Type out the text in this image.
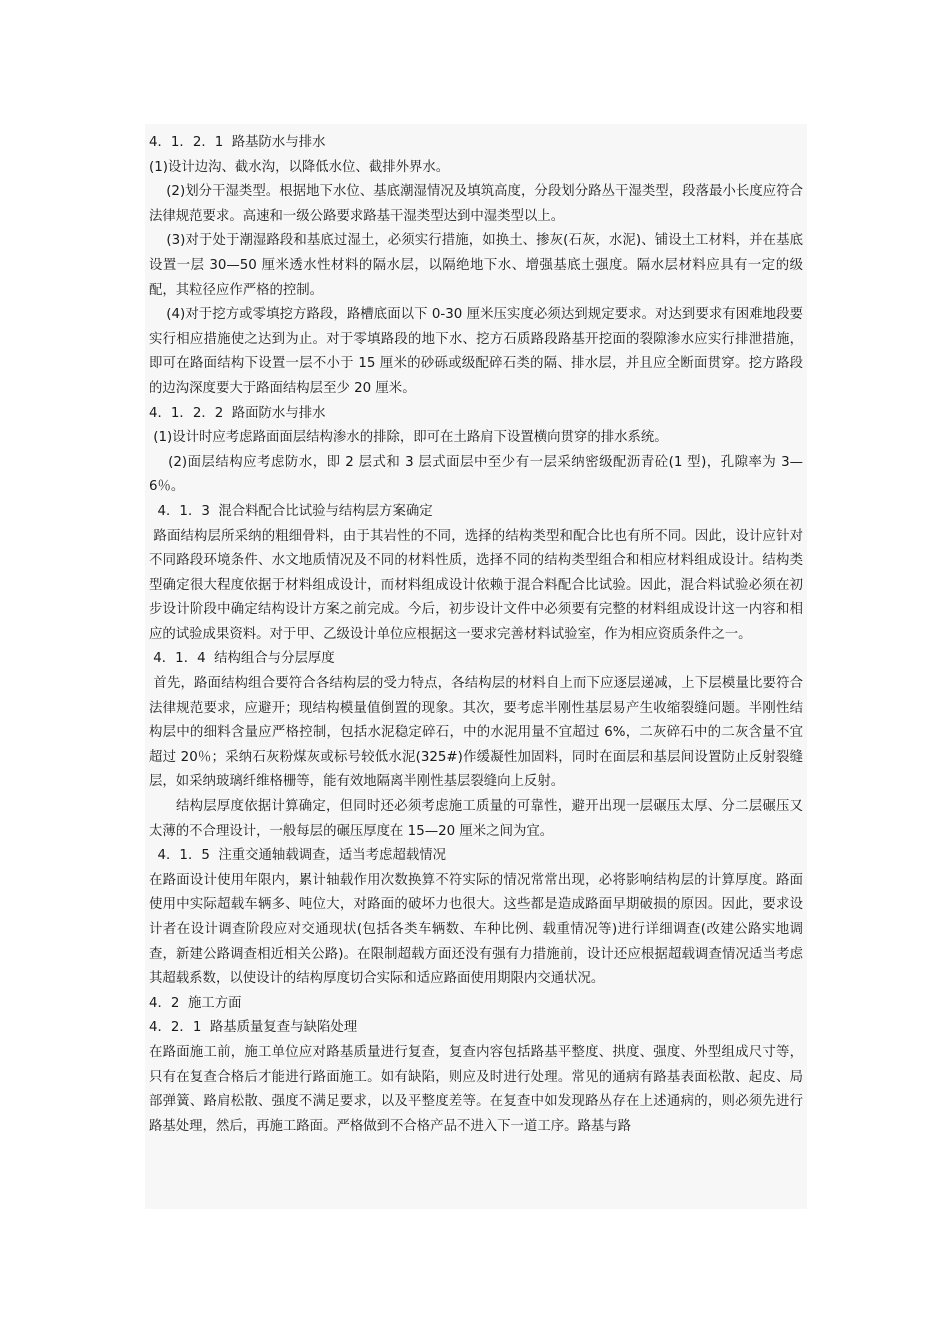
4．1．2．1  路基防水与排水

(1)设计边沟、截水沟，以降低水位、截排外界水。

(2)划分干湿类型。根据地下水位、基底潮湿情况及填筑高度，分段划分路丛干湿类型，段落最小长度应符合法律规范要求。高速和一级公路要求路基干湿类型达到中湿类型以上。

(3)对于处于潮湿路段和基底过湿土，必须实行措施，如换土、掺灰(石灰，水泥)、铺设土工材料，并在基底设置一层 30—50 厘米透水性材料的隔水层，以隔绝地下水、增强基底土强度。隔水层材料应具有一定的级配，其粒径应作严格的控制。

(4)对于挖方或零填挖方路段，路槽底面以下 0-30 厘米压实度必须达到规定要求。对达到要求有困难地段要实行相应措施使之达到为止。对于零填路段的地下水、挖方石质路段路基开挖面的裂隙渗水应实行排泄措施，即可在路面结构下设置一层不小于 15 厘米的砂砾或级配碎石类的隔、排水层，并且应全断面贯穿。挖方路段的边沟深度要大于路面结构层至少 20 厘米。

4．1．2．2  路面防水与排水

(1)设计时应考虑路面面层结构渗水的排除，即可在土路肩下设置横向贯穿的排水系统。

(2)面层结构应考虑防水，即 2 层式和 3 层式面层中至少有一层采纳密级配沥青砼(1 型)，孔隙率为 3—6％。

4．1．3  混合料配合比试验与结构层方案确定

路面结构层所采纳的粗细骨料，由于其岩性的不同，选择的结构类型和配合比也有所不同。因此，设计应针对不同路段环境条件、水文地质情况及不同的材料性质，选择不同的结构类型组合和相应材料组成设计。结构类型确定很大程度依据于材料组成设计，而材料组成设计依赖于混合料配合比试验。因此，混合料试验必须在初步设计阶段中确定结构设计方案之前完成。今后，初步设计文件中必须要有完整的材料组成设计这一内容和相应的试验成果资料。对于甲、乙级设计单位应根据这一要求完善材料试验室，作为相应资质条件之一。

4．1．4  结构组合与分层厚度

首先，路面结构组合要符合各结构层的受力特点，各结构层的材料自上而下应逐层递减，上下层模量比要符合法律规范要求，应避开；现结构模量值倒置的现象。其次，要考虑半刚性基层易产生收缩裂缝问题。半刚性结构层中的细料含量应严格控制，包括水泥稳定碎石，中的水泥用量不宜超过 6%，二灰碎石中的二灰含量不宜超过 20％；采纳石灰粉煤灰或标号较低水泥(325#)作缓凝性加固料，同时在面层和基层间设置防止反射裂缝层，如采纳玻璃纤维格栅等，能有效地隔离半刚性基层裂缝向上反射。

结构层厚度依据计算确定，但同时还必须考虑施工质量的可靠性，避开出现一层碾压太厚、分二层碾压又太薄的不合理设计，一般每层的碾压厚度在 15—20 厘米之间为宜。

4．1．5  注重交通轴载调查，适当考虑超载情况

在路面设计使用年限内，累计轴载作用次数换算不符实际的情况常常出现，必将影响结构层的计算厚度。路面使用中实际超载车辆多、吨位大，对路面的破坏力也很大。这些都是造成路面早期破损的原因。因此，要求设计者在设计调查阶段应对交通现状(包括各类车辆数、车种比例、载重情况等)进行详细调查(改建公路实地调查，新建公路调查相近相关公路)。在限制超载方面还没有强有力措施前，设计还应根据超载调查情况适当考虑其超载系数，以使设计的结构厚度切合实际和适应路面使用期限内交通状况。

4．2  施工方面

4．2．1  路基质量复查与缺陷处理

在路面施工前，施工单位应对路基质量进行复查，复查内容包括路基平整度、拱度、强度、外型组成尺寸等，只有在复查合格后才能进行路面施工。如有缺陷，则应及时进行处理。常见的通病有路基表面松散、起皮、局部弹簧、路肩松散、强度不满足要求，以及平整度差等。在复查中如发现路丛存在上述通病的，则必须先进行路基处理，然后，再施工路面。严格做到不合格产品不进入下一道工序。路基与路
